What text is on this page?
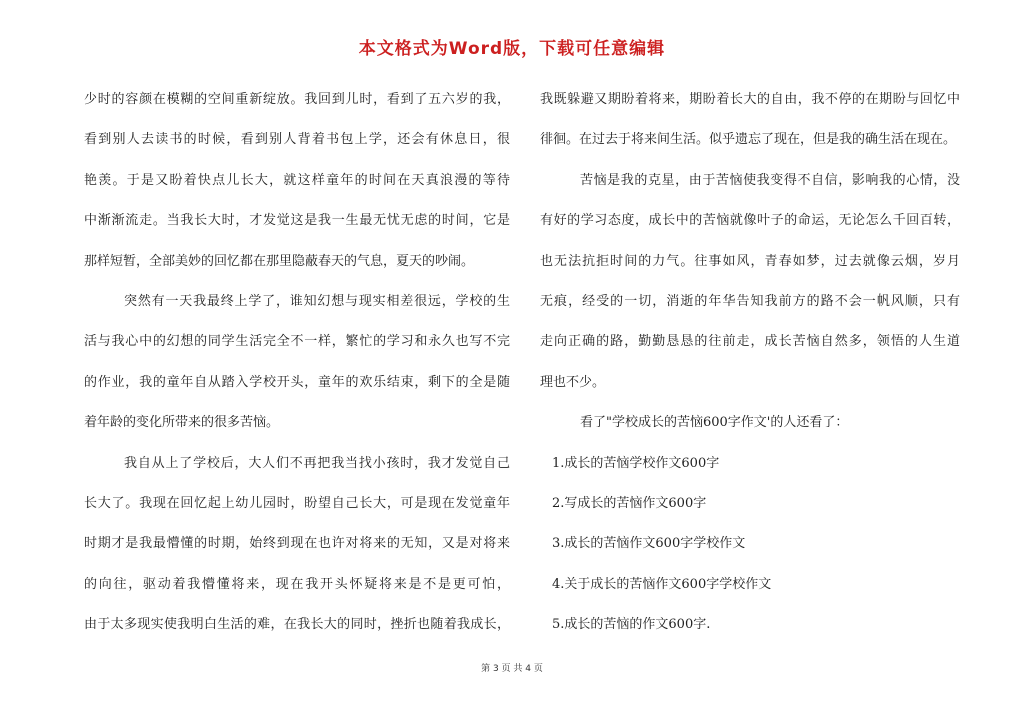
本文格式为Word版，下载可任意编辑
少时的容颜在模糊的空间重新绽放。我回到儿时，看到了五六岁的我，
看到别人去读书的时候，看到别人背着书包上学，还会有休息日，很
艳羡。于是又盼着快点儿长大，就这样童年的时间在天真浪漫的等待
中渐渐流走。当我长大时，才发觉这是我一生最无忧无虑的时间，它是
那样短暂，全部美妙的回忆都在那里隐蔽春天的气息，夏天的吵闹。
突然有一天我最终上学了，谁知幻想与现实相差很远，学校的生
活与我心中的幻想的同学生活完全不一样，繁忙的学习和永久也写不完
的作业，我的童年自从踏入学校开头，童年的欢乐结束，剩下的全是随
着年龄的变化所带来的很多苦恼。
我自从上了学校后，大人们不再把我当找小孩时，我才发觉自己
长大了。我现在回忆起上幼儿园时，盼望自己长大，可是现在发觉童年
时期才是我最懵懂的时期，始终到现在也许对将来的无知，又是对将来
的向往，驱动着我懵懂将来，现在我开头怀疑将来是不是更可怕，
由于太多现实使我明白生活的难，在我长大的同时，挫折也随着我成长，
我既躲避又期盼着将来，期盼着长大的自由，我不停的在期盼与回忆中
徘徊。在过去于将来间生活。似乎遗忘了现在，但是我的确生活在现在。
苦恼是我的克星，由于苦恼使我变得不自信，影响我的心情，没
有好的学习态度，成长中的苦恼就像叶子的命运，无论怎么千回百转，
也无法抗拒时间的力气。往事如风，青春如梦，过去就像云烟，岁月
无痕，经受的一切，消逝的年华告知我前方的路不会一帆风顺，只有
走向正确的路，勤勤恳恳的往前走，成长苦恼自然多，领悟的人生道
理也不少。
看了"学校成长的苦恼600字作文'的人还看了：
1.成长的苦恼学校作文600字
2.写成长的苦恼作文600字
3.成长的苦恼作文600字学校作文
4.关于成长的苦恼作文600字学校作文
5.成长的苦恼的作文600字.
第 3 页 共 4 页
